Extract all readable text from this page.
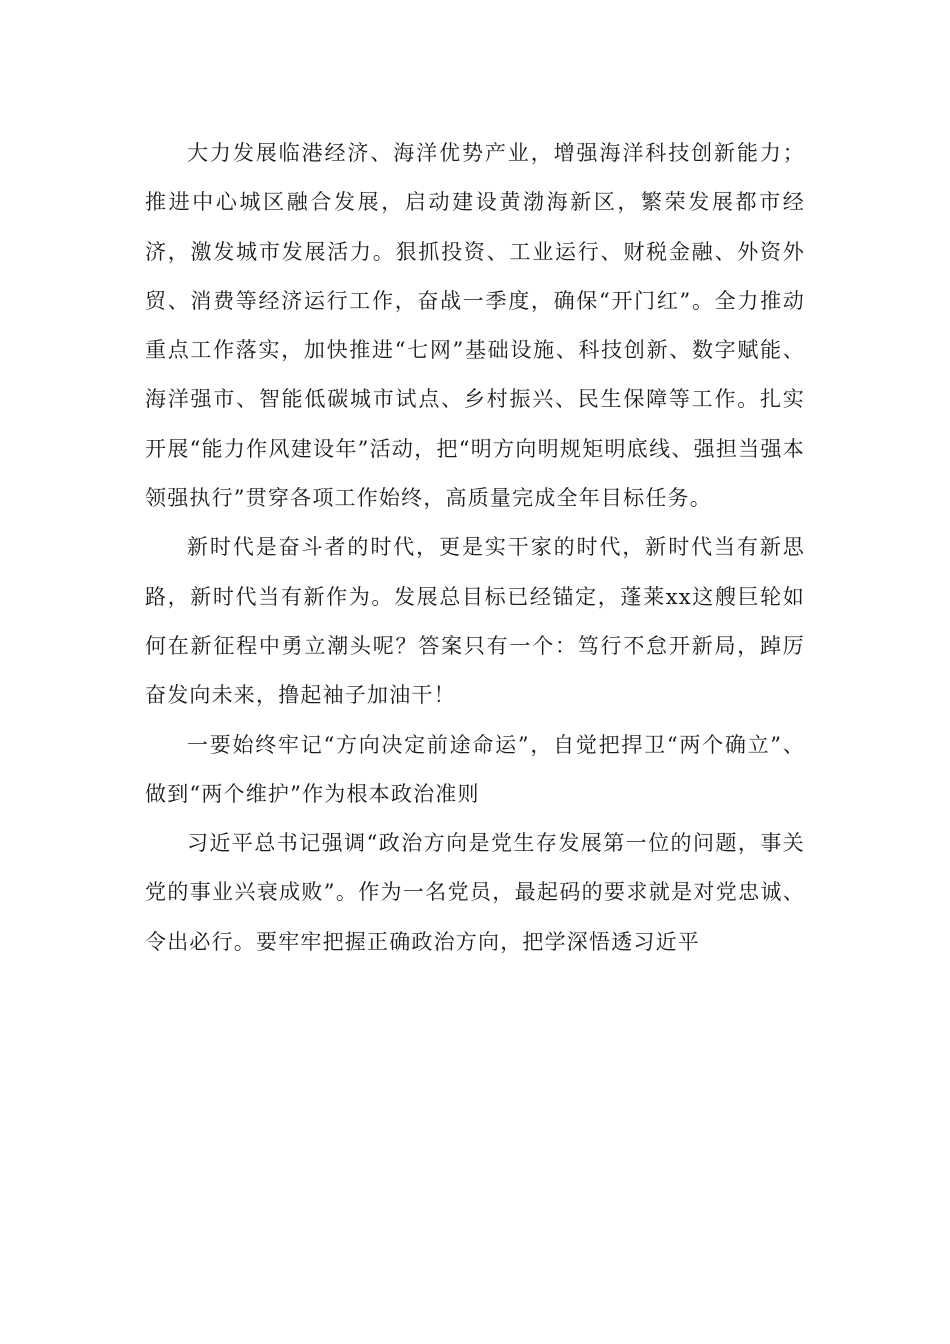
大力发展临港经济、海洋优势产业，增强海洋科技创新能力；推进中心城区融合发展，启动建设黄渤海新区，繁荣发展都市经济，激发城市发展活力。狠抓投资、工业运行、财税金融、外资外贸、消费等经济运行工作，奋战一季度，确保“开门红”。全力推动重点工作落实，加快推进“七网”基础设施、科技创新、数字赋能、海洋强市、智能低碳城市试点、乡村振兴、民生保障等工作。扎实开展“能力作风建设年”活动，把“明方向明规矩明底线、强担当强本领强执行”贯穿各项工作始终，高质量完成全年目标任务。

新时代是奋斗者的时代，更是实干家的时代，新时代当有新思路，新时代当有新作为。发展总目标已经锚定，蓬莱xx这艘巨轮如何在新征程中勇立潮头呢？答案只有一个：笃行不怠开新局，踔厉奋发向未来，撸起袖子加油干！

一要始终牢记“方向决定前途命运”，自觉把捍卫“两个确立”、做到“两个维护”作为根本政治准则

习近平总书记强调“政治方向是党生存发展第一位的问题，事关党的事业兴衰成败”。作为一名党员，最起码的要求就是对党忠诚、令出必行。要牢牢把握正确政治方向，把学深悟透习近平
